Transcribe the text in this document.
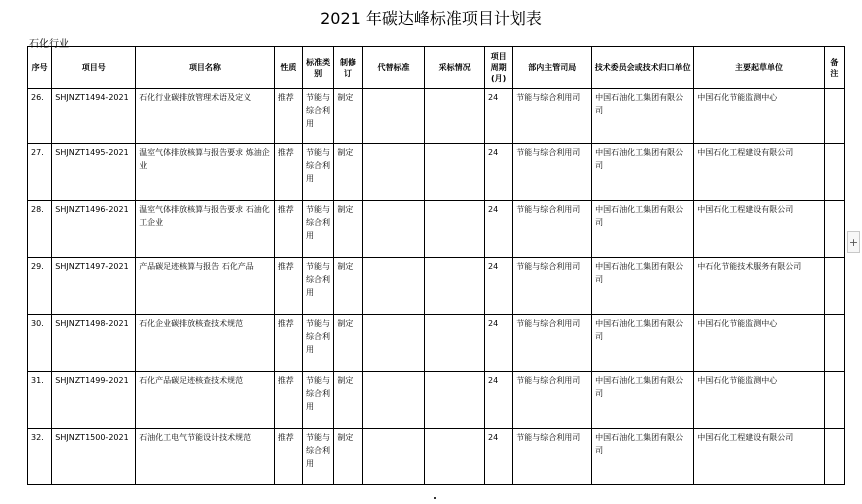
2021 年碳达峰标准项目计划表
石化行业
序号	项目号	项目名称	性质	标准类别	制修订	代替标准	采标情况	项目周期(月)	部内主管司局	技术委员会或技术归口单位	主要起草单位	备注
26.	SHJNZT1494-2021	石化行业碳排放管理术语及定义	推荐	节能与综合利用	制定			24	节能与综合利用司	中国石油化工集团有限公司	中国石化节能监测中心	
27.	SHJNZT1495-2021	温室气体排放核算与报告要求 炼油企业	推荐	节能与综合利用	制定			24	节能与综合利用司	中国石油化工集团有限公司	中国石化工程建设有限公司	
28.	SHJNZT1496-2021	温室气体排放核算与报告要求 石油化工企业	推荐	节能与综合利用	制定			24	节能与综合利用司	中国石油化工集团有限公司	中国石化工程建设有限公司	
29.	SHJNZT1497-2021	产品碳足迹核算与报告 石化产品	推荐	节能与综合利用	制定			24	节能与综合利用司	中国石油化工集团有限公司	中石化节能技术服务有限公司	
30.	SHJNZT1498-2021	石化企业碳排放核查技术规范	推荐	节能与综合利用	制定			24	节能与综合利用司	中国石油化工集团有限公司	中国石化节能监测中心	
31.	SHJNZT1499-2021	石化产品碳足迹核查技术规范	推荐	节能与综合利用	制定			24	节能与综合利用司	中国石油化工集团有限公司	中国石化节能监测中心	
32.	SHJNZT1500-2021	石油化工电气节能设计技术规范	推荐	节能与综合利用	制定			24	节能与综合利用司	中国石油化工集团有限公司	中国石化工程建设有限公司	
+
